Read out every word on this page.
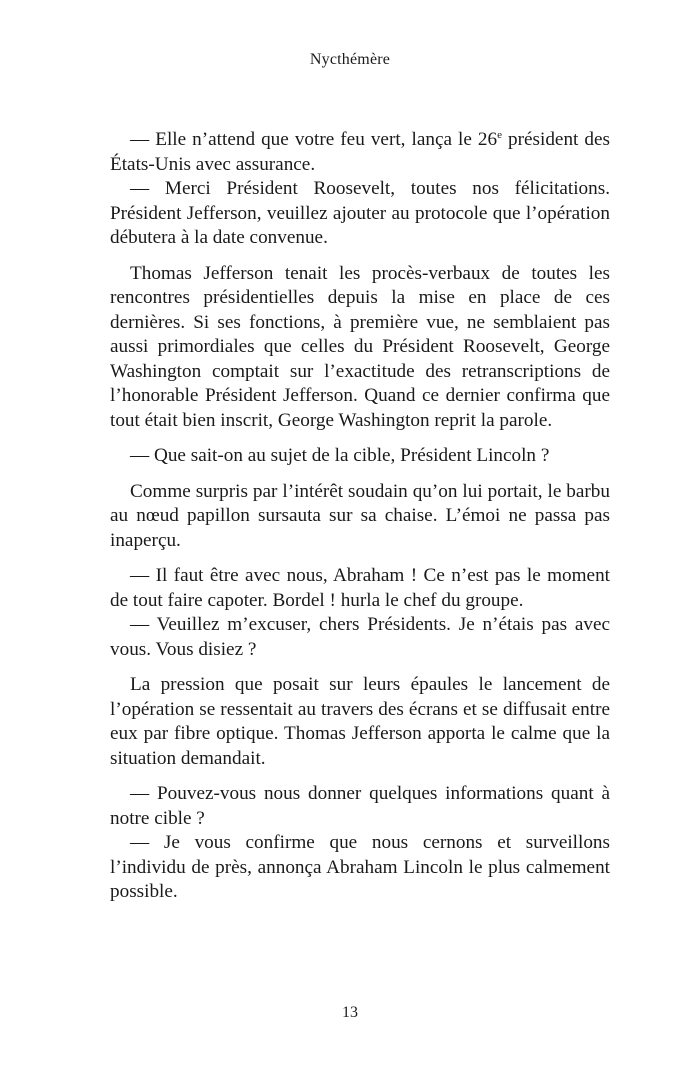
Nycthémère

— Elle n’attend que votre feu vert, lança le 26e président des États-Unis avec assurance.

— Merci Président Roosevelt, toutes nos félicitations. Président Jefferson, veuillez ajouter au protocole que l’opération débutera à la date convenue.

Thomas Jefferson tenait les procès-verbaux de toutes les rencontres présidentielles depuis la mise en place de ces dernières. Si ses fonctions, à première vue, ne semblaient pas aussi primordiales que celles du Président Roosevelt, George Washington comptait sur l’exactitude des retranscriptions de l’honorable Président Jefferson. Quand ce dernier confirma que tout était bien inscrit, George Washington reprit la parole.

— Que sait-on au sujet de la cible, Président Lincoln ?

Comme surpris par l’intérêt soudain qu’on lui portait, le barbu au nœud papillon sursauta sur sa chaise. L’émoi ne passa pas inaperçu.

— Il faut être avec nous, Abraham ! Ce n’est pas le moment de tout faire capoter. Bordel ! hurla le chef du groupe.

— Veuillez m’excuser, chers Présidents. Je n’étais pas avec vous. Vous disiez ?

La pression que posait sur leurs épaules le lancement de l’opération se ressentait au travers des écrans et se diffusait entre eux par fibre optique. Thomas Jefferson apporta le calme que la situation demandait.

— Pouvez-vous nous donner quelques informations quant à notre cible ?

— Je vous confirme que nous cernons et surveillons l’individu de près, annonça Abraham Lincoln le plus calmement possible.

13
